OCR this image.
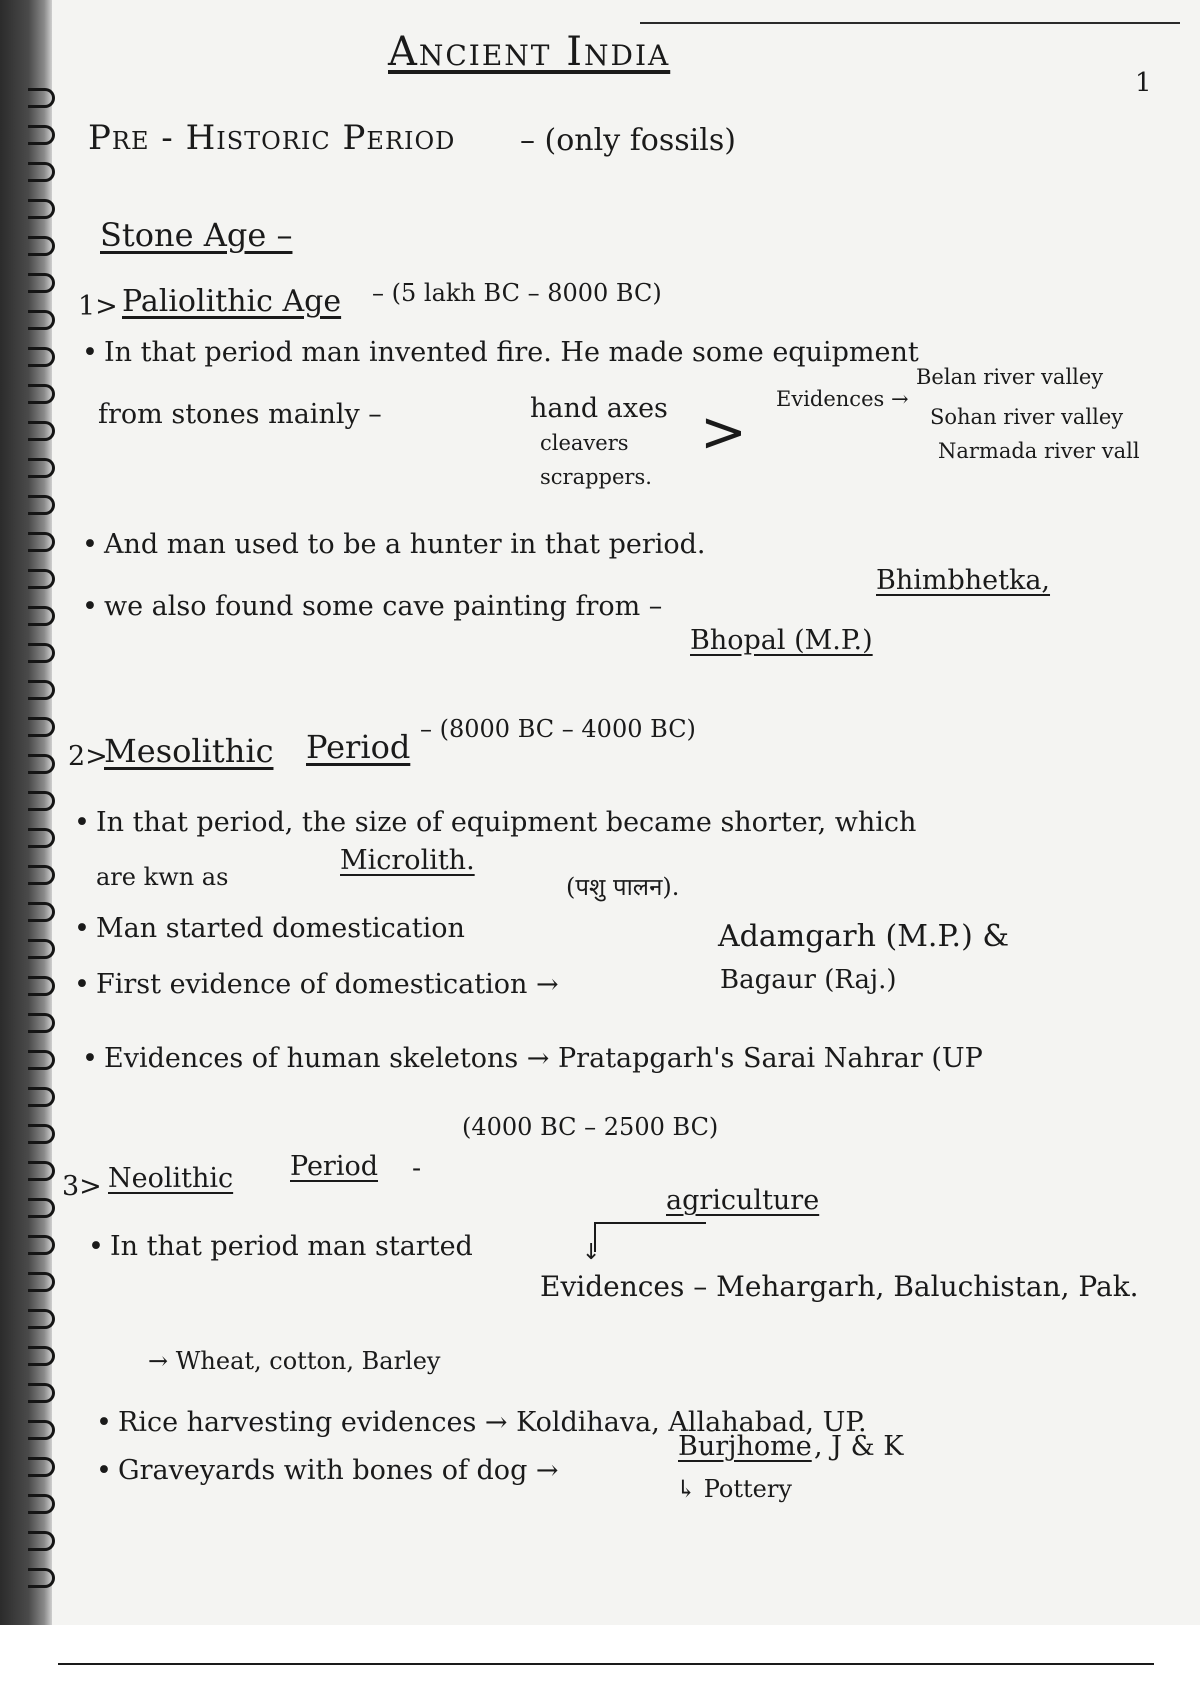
Ancient India
1
Pre - Historic Period – (only fossils)
Stone Age –
1> Paliolithic Age – (5 lakh BC – 8000 BC)
• In that period man invented fire. He made some equipment
from stones mainly –	hand axes
cleavers
scrappers.
>
Evidences →
Belan river valley
Sohan river valley
Narmada river vall
• And man used to be a hunter in that period.
• we also found some cave painting from –
Bhimbhetka,
Bhopal (M.P.)
2>
Mesolithic Period – (8000 BC – 4000 BC)
• In that period, the size of equipment became shorter, which
are kwn as
Microlith.
• Man started domestication
(पशु पालन).
• First evidence of domestication →
Adamgarh (M.P.) &
Bagaur (Raj.)
• Evidences of human skeletons → Pratapgarh's Sarai Nahrar (UP
3> Neolithic Period -
(4000 BC – 2500 BC)
• In that period man started
agriculture
↓
Evidences – Mehargarh, Baluchistan, Pak.
→ Wheat, cotton, Barley
• Rice harvesting evidences → Koldihava, Allahabad, UP.
• Graveyards with bones of dog →
Burjhome , J & K
↳ Pottery
